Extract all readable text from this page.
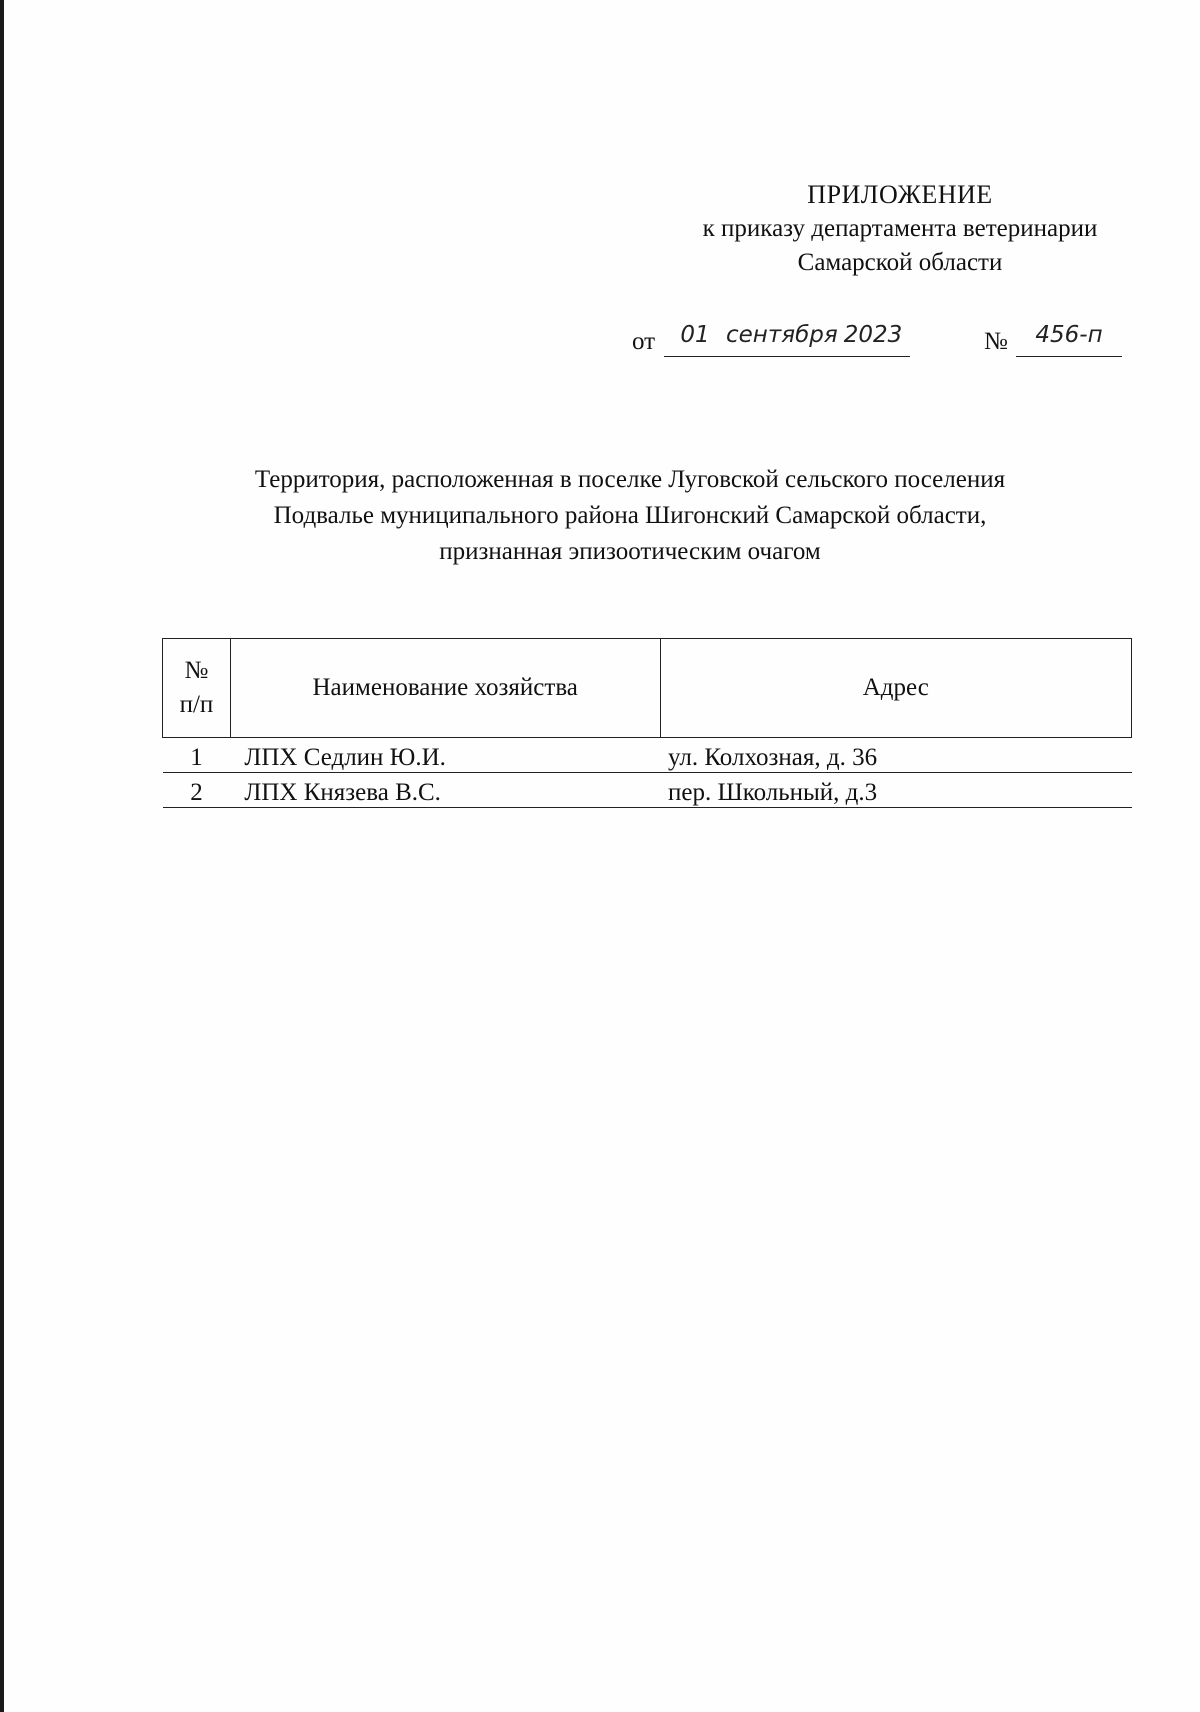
ПРИЛОЖЕНИЕ
к приказу департамента ветеринарии
Самарской области
от	01 сентября 2023	№	456-п
Территория, расположенная в поселке Луговской сельского поселения
Подвалье муниципального района Шигонский Самарской области,
признанная эпизоотическим очагом
№
п/п	Наименование хозяйства	Адрес
1	ЛПХ Седлин Ю.И.	ул. Колхозная, д. 36
2	ЛПХ Князева В.С.	пер. Школьный, д.3
